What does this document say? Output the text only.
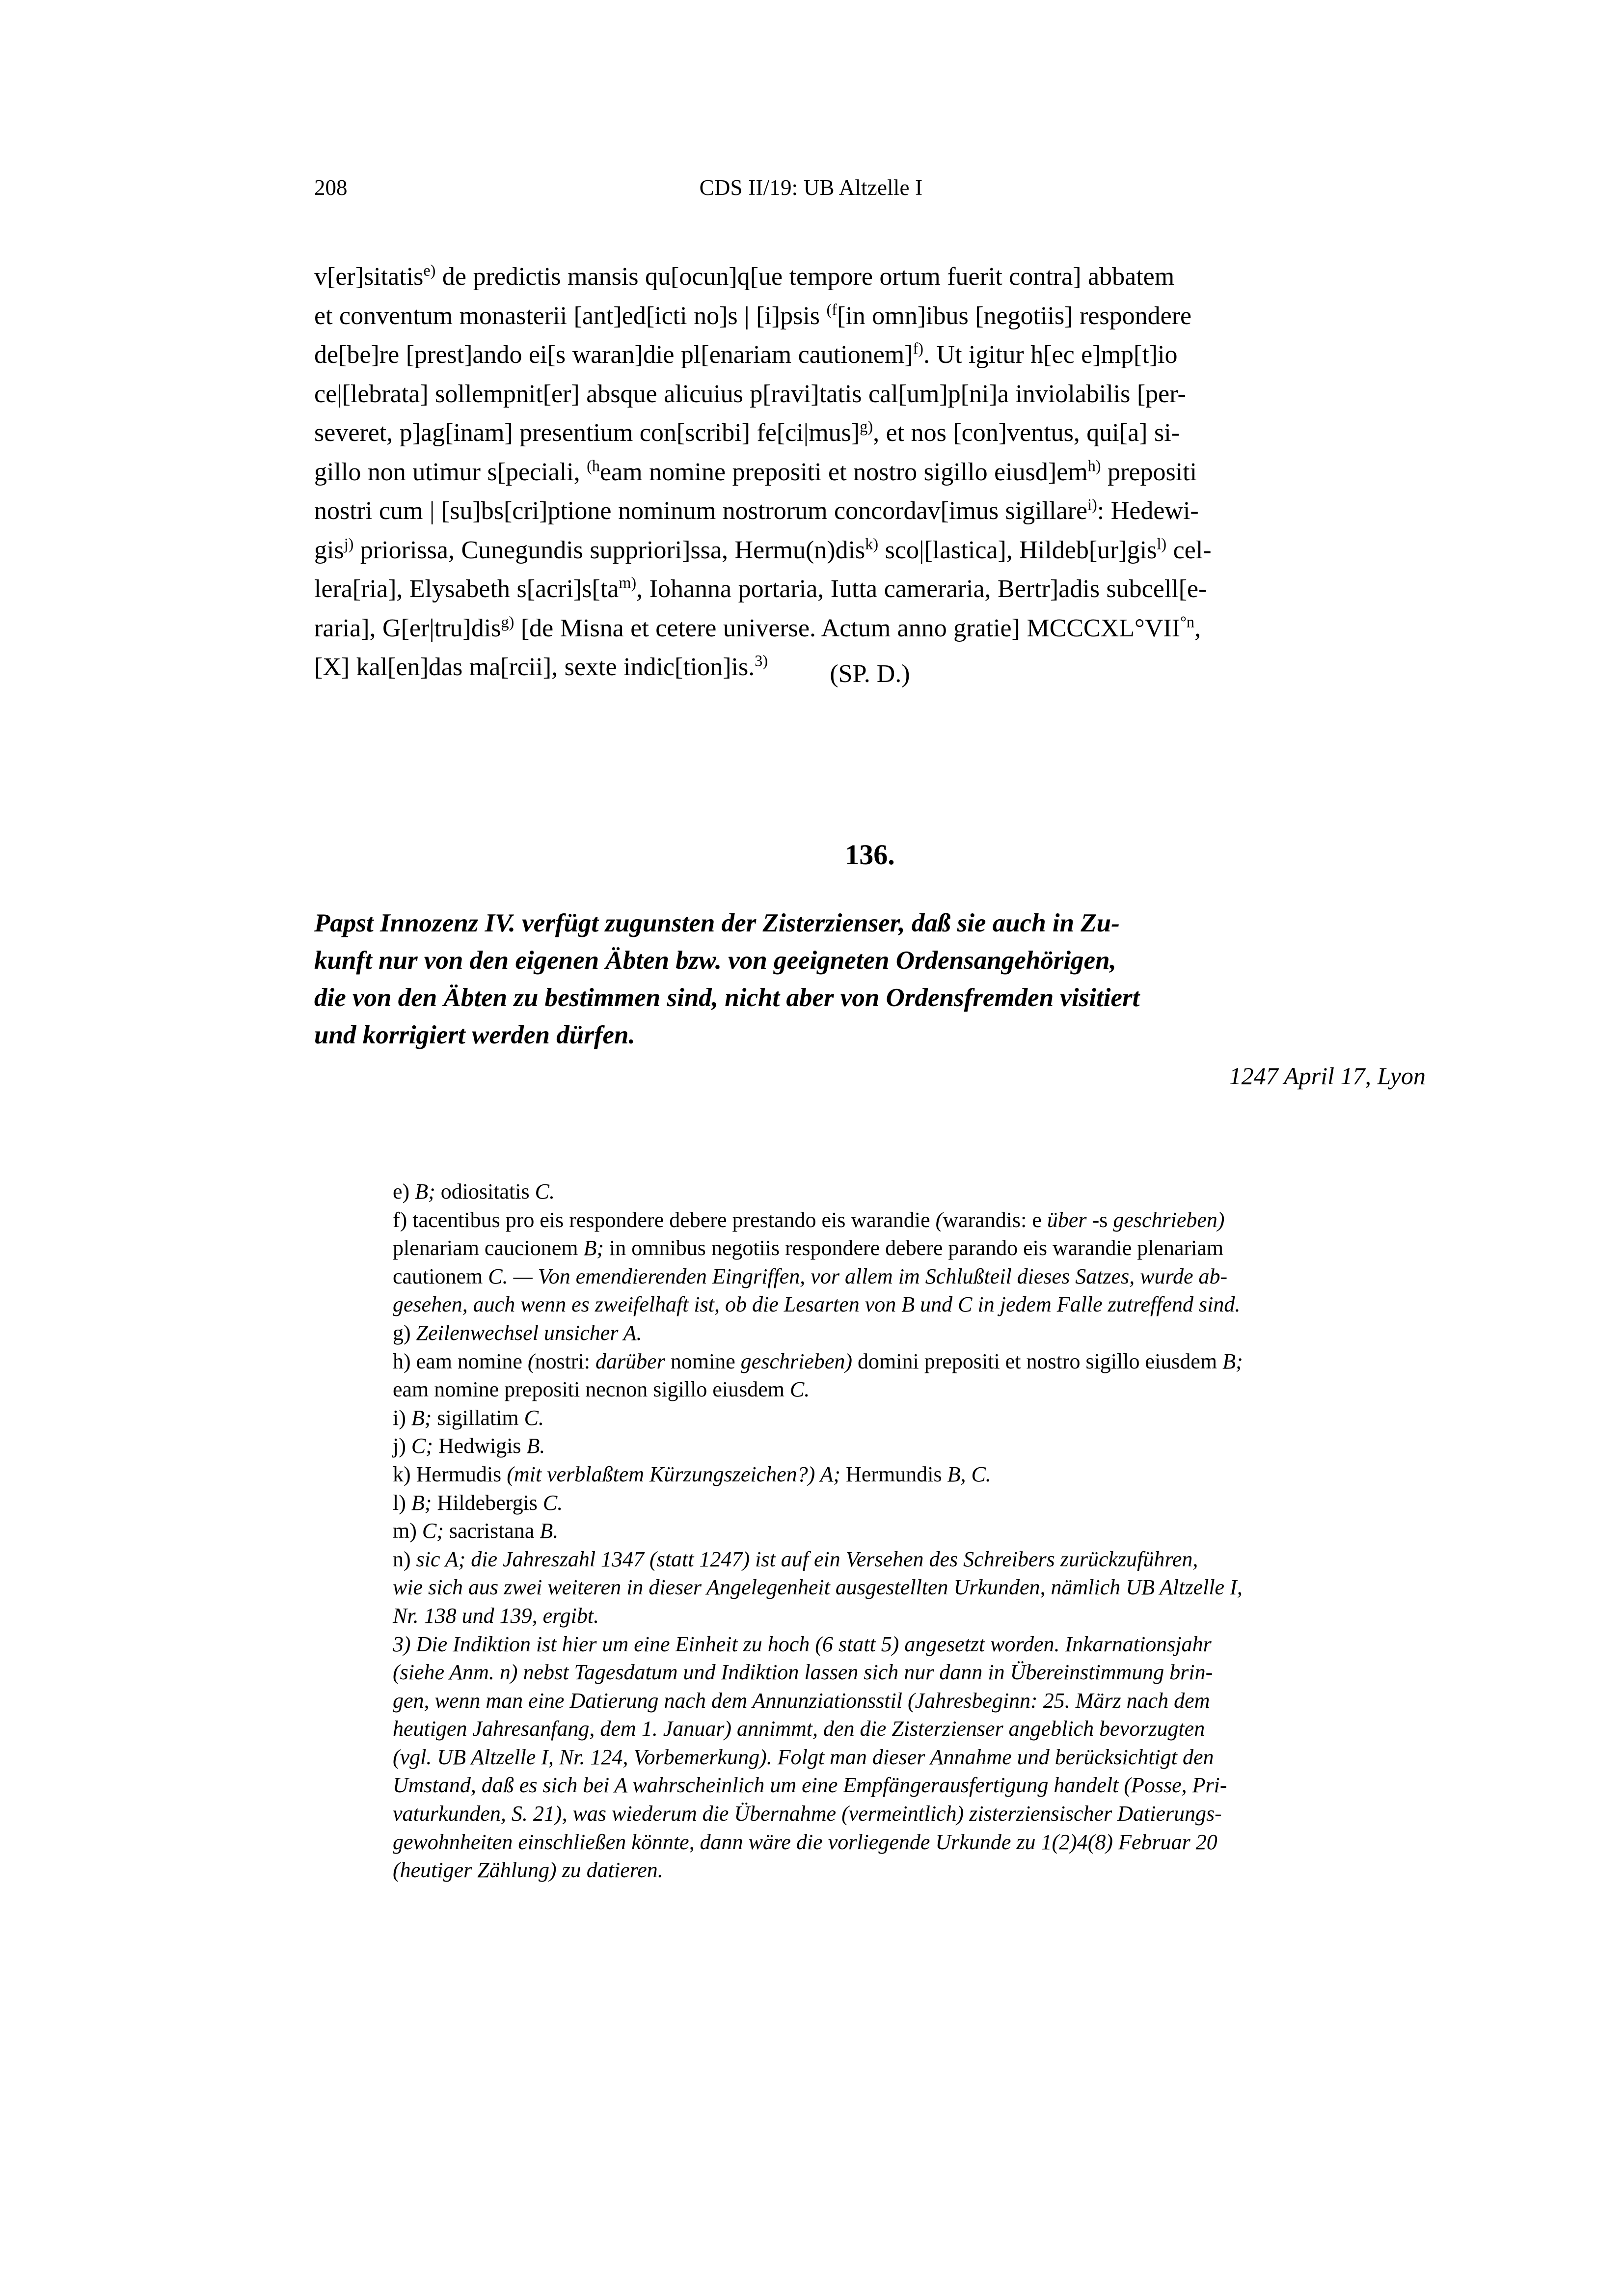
208	CDS II/19: UB Altzelle I
v[er]sitatis$^{e)}$ de predictis mansis qu[ocun]q[ue tempore ortum fuerit contra] abbatem
et conventum monasterii [ant]ed[icti no]s | [i]psis $^{(f}$[in omn]ibus [negotiis] respondere
de[be]re [prest]ando ei[s waran]die pl[enariam cautionem]$^{f)}$. Ut igitur h[ec e]mp[t]io
ce|[lebrata] sollempnit[er] absque alicuius p[ravi]tatis cal[um]p[ni]a inviolabilis [per-
severet, p]ag[inam] presentium con[scribi] fe[ci|mus]$^{g)}$, et nos [con]ventus, qui[a] si-
gillo non utimur s[peciali, $^{(h}$eam nomine prepositi et nostro sigillo eiusd]em$^{h)}$ prepositi
nostri cum | [su]bs[cri]ptione nominum nostrorum concordav[imus sigillare$^{i)}$: Hedewi-
gis$^{j)}$ priorissa, Cunegundis suppriori]ssa, Hermu(n)dis$^{k)}$ sco|[lastica], Hildeb[ur]gis$^{l)}$ cel-
lera[ria], Elysabeth s[acri]s[ta$^{m)}$, Iohanna portaria, Iutta cameraria, Bertr]adis subcell[e-
raria], G[er|tru]dis$^{g)}$ [de Misna et cetere universe. Actum anno gratie] $MCCCXL^\circ VII^{^\circ n}$,
[X] kal[en]das ma[rcii], sexte indic[tion]is.$^{3)}$	(SP. D.)
136.
Papst Innozenz IV. verfügt zugunsten der Zisterzienser, daß sie auch in Zu-
kunft nur von den eigenen Äbten bzw. von geeigneten Ordensangehörigen,
die von den Äbten zu bestimmen sind, nicht aber von Ordensfremden visitiert
und korrigiert werden dürfen.
1247 April 17, Lyon
e) B; odiositatis C.
f) tacentibus pro eis respondere debere prestando eis warandie (warandis: e über -s geschrieben)
plenariam caucionem B; in omnibus negotiis respondere debere parando eis warandie plenariam
cautionem C. — Von emendierenden Eingriffen, vor allem im Schlußteil dieses Satzes, wurde ab-
gesehen, auch wenn es zweifelhaft ist, ob die Lesarten von B und C in jedem Falle zutreffend sind.
g) Zeilenwechsel unsicher A.
h) eam nomine (nostri: darüber nomine geschrieben) domini prepositi et nostro sigillo eiusdem B;
eam nomine prepositi necnon sigillo eiusdem C.
i) B; sigillatim C.
j) C; Hedwigis B.
k) Hermudis (mit verblaßtem Kürzungszeichen?) A; Hermundis B, C.
l) B; Hildebergis C.
m) C; sacristana B.
n) sic A; die Jahreszahl 1347 (statt 1247) ist auf ein Versehen des Schreibers zurückzuführen,
wie sich aus zwei weiteren in dieser Angelegenheit ausgestellten Urkunden, nämlich UB Altzelle I,
Nr. 138 und 139, ergibt.
3) Die Indiktion ist hier um eine Einheit zu hoch (6 statt 5) angesetzt worden. Inkarnationsjahr
(siehe Anm. n) nebst Tagesdatum und Indiktion lassen sich nur dann in Übereinstimmung brin-
gen, wenn man eine Datierung nach dem Annunziationsstil (Jahresbeginn: 25. März nach dem
heutigen Jahresanfang, dem 1. Januar) annimmt, den die Zisterzienser angeblich bevorzugten
(vgl. UB Altzelle I, Nr. 124, Vorbemerkung). Folgt man dieser Annahme und berücksichtigt den
Umstand, daß es sich bei A wahrscheinlich um eine Empfängerausfertigung handelt (Posse, Pri-
vaturkunden, S. 21), was wiederum die Übernahme (vermeintlich) zisterziensischer Datierungs-
gewohnheiten einschließen könnte, dann wäre die vorliegende Urkunde zu 1(2)4(8) Februar 20
(heutiger Zählung) zu datieren.
